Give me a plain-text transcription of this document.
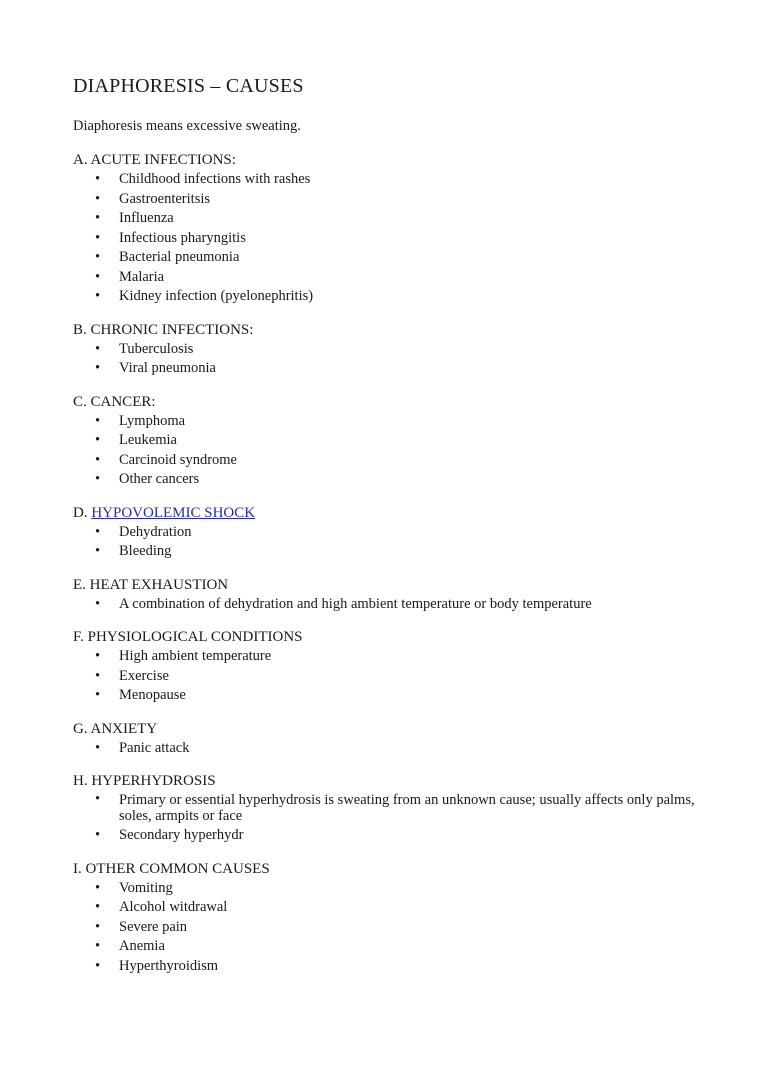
DIAPHORESIS – CAUSES

Diaphoresis means excessive sweating.

A. ACUTE INFECTIONS:
• Childhood infections with rashes
• Gastroenteritsis
• Influenza
• Infectious pharyngitis
• Bacterial pneumonia
• Malaria
• Kidney infection (pyelonephritis)
B. CHRONIC INFECTIONS:
• Tuberculosis
• Viral pneumonia
C. CANCER:
• Lymphoma
• Leukemia
• Carcinoid syndrome
• Other cancers
D. HYPOVOLEMIC SHOCK
• Dehydration
• Bleeding
E. HEAT EXHAUSTION
• A combination of dehydration and high ambient temperature or body temperature
F. PHYSIOLOGICAL CONDITIONS
• High ambient temperature
• Exercise
• Menopause
G. ANXIETY
• Panic attack
H. HYPERHYDROSIS
• Primary or essential hyperhydrosis is sweating from an unknown cause; usually affects only palms, soles, armpits or face
• Secondary hyperhydr
I. OTHER COMMON CAUSES
• Vomiting
• Alcohol witdrawal
• Severe pain
• Anemia
• Hyperthyroidism
